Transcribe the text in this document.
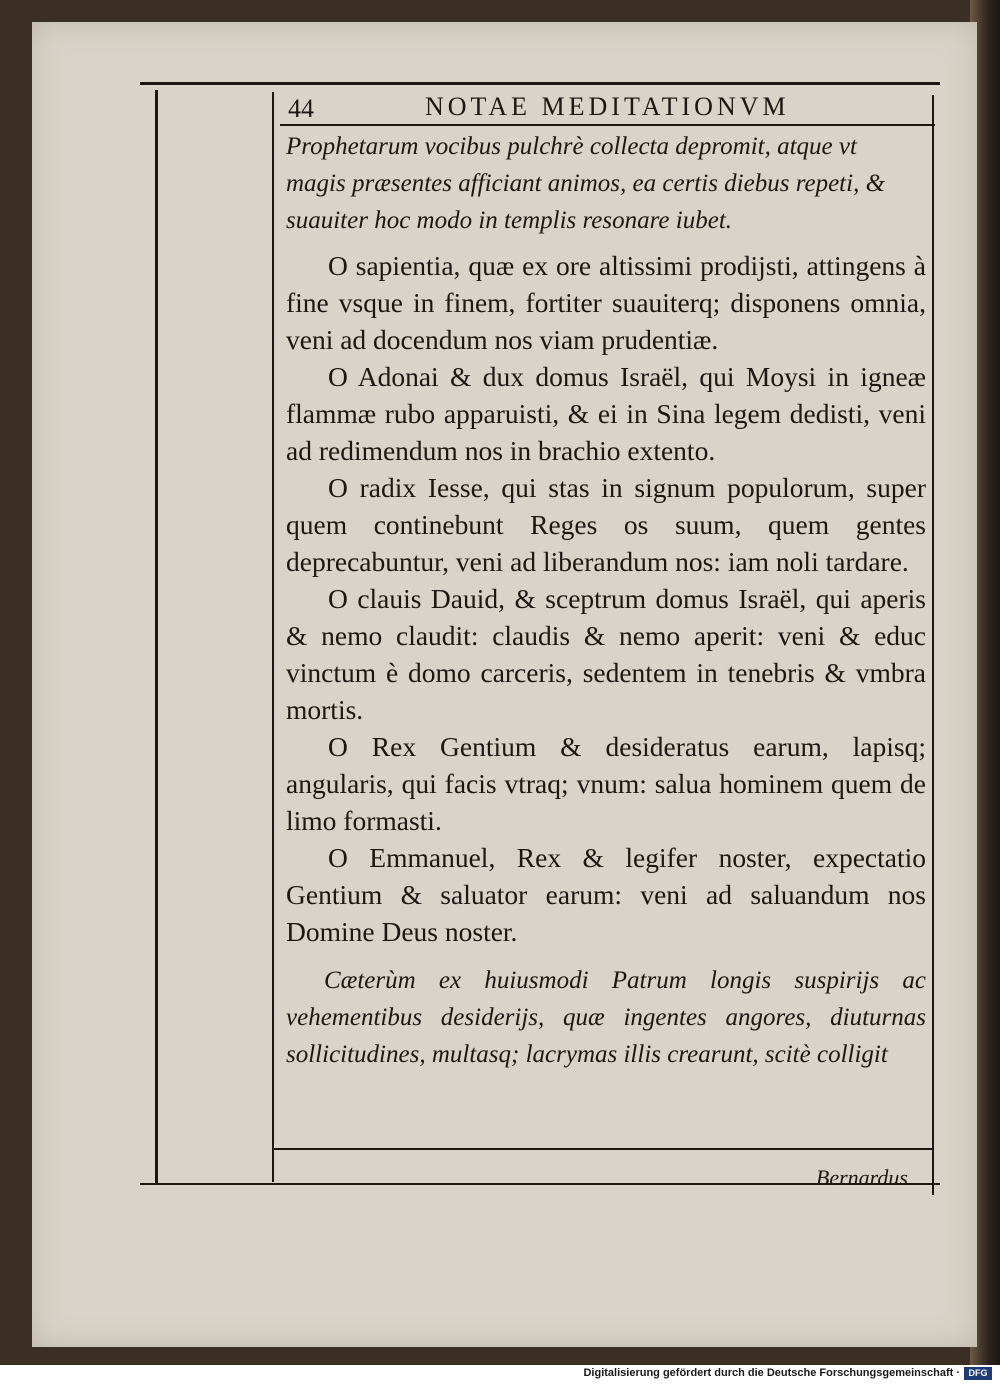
44	NOTAE MEDITATIONVM

Prophetarum vocibus pulchrè collecta depromit, atque vt

magis præsentes afficiant animos, ea certis diebus repeti, &

suauiter hoc modo in templis resonare iubet.

O sapientia, quæ ex ore altissimi prodijsti, attingens à fine vsque in finem, fortiter suauiterq; disponens omnia, veni ad docendum nos viam prudentiæ.

O Adonai & dux domus Israël, qui Moysi in igneæ flammæ rubo apparuisti, & ei in Sina legem dedisti, veni ad redimendum nos in brachio extento.

O radix Iesse, qui stas in signum populorum, super quem continebunt Reges os suum, quem gentes deprecabuntur, veni ad liberandum nos: iam noli tardare.

O clauis Dauid, & sceptrum domus Israël, qui aperis & nemo claudit: claudis & nemo aperit: veni & educ vinctum è domo carceris, sedentem in tenebris & vmbra mortis.

O Rex Gentium & desideratus earum, lapisq; angularis, qui facis vtraq; vnum: salua hominem quem de limo formasti.

O Emmanuel, Rex & legifer noster, expectatio Gentium & saluator earum: veni ad saluandum nos Domine Deus noster.

Cæterùm ex huiusmodi Patrum longis suspirijs ac vehementibus desiderijs, quæ ingentes angores, diuturnas sollicitudines, multasq; lacrymas illis crearunt, scitè colligit

Bernardus
Digitalisierung gefördert durch die Deutsche Forschungsgemeinschaft · DFG
